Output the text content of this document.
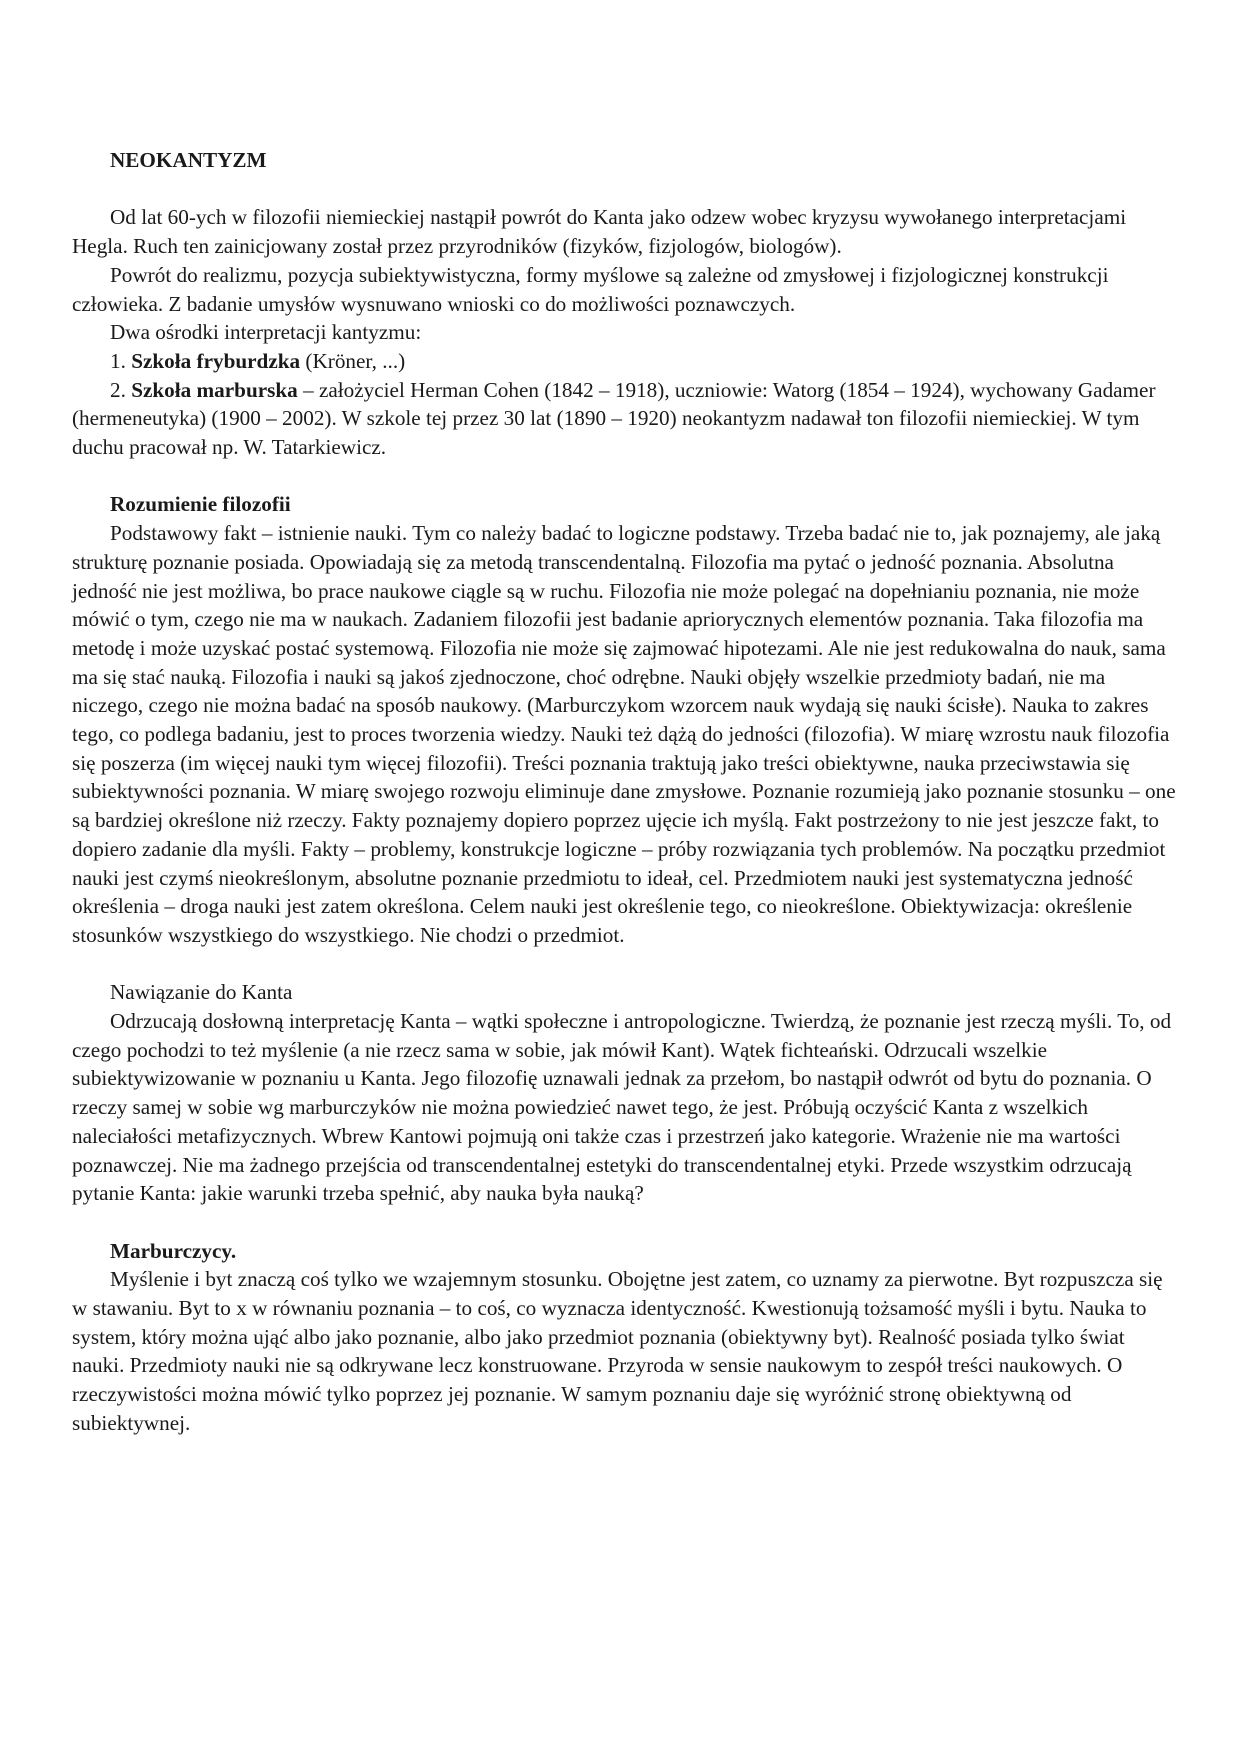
NEOKANTYZM

Od lat 60-ych w filozofii niemieckiej nastąpił powrót do Kanta jako odzew wobec kryzysu wywołanego interpretacjami Hegla. Ruch ten zainicjowany został przez przyrodników (fizyków, fizjologów, biologów).

Powrót do realizmu, pozycja subiektywistyczna, formy myślowe są zależne od zmysłowej i fizjologicznej konstrukcji człowieka. Z badanie umysłów wysnuwano wnioski co do możliwości poznawczych.

Dwa ośrodki interpretacji kantyzmu:

1. Szkoła fryburdzka (Kröner, ...)

2. Szkoła marburska – założyciel Herman Cohen (1842 – 1918), uczniowie: Watorg (1854 – 1924), wychowany Gadamer (hermeneutyka) (1900 – 2002). W szkole tej przez 30 lat (1890 – 1920) neokantyzm nadawał ton filozofii niemieckiej. W tym duchu pracował np. W. Tatarkiewicz.

Rozumienie filozofii

Podstawowy fakt – istnienie nauki. Tym co należy badać to logiczne podstawy. Trzeba badać nie to, jak poznajemy, ale jaką strukturę poznanie posiada. Opowiadają się za metodą transcendentalną. Filozofia ma pytać o jedność poznania. Absolutna jedność nie jest możliwa, bo prace naukowe ciągle są w ruchu. Filozofia nie może polegać na dopełnianiu poznania, nie może mówić o tym, czego nie ma w naukach. Zadaniem filozofii jest badanie apriorycznych elementów poznania. Taka filozofia ma metodę i może uzyskać postać systemową. Filozofia nie może się zajmować hipotezami. Ale nie jest redukowalna do nauk, sama ma się stać nauką. Filozofia i nauki są jakoś zjednoczone, choć odrębne. Nauki objęły wszelkie przedmioty badań, nie ma niczego, czego nie można badać na sposób naukowy. (Marburczykom wzorcem nauk wydają się nauki ścisłe). Nauka to zakres tego, co podlega badaniu, jest to proces tworzenia wiedzy. Nauki też dążą do jedności (filozofia). W miarę wzrostu nauk filozofia się poszerza (im więcej nauki tym więcej filozofii). Treści poznania traktują jako treści obiektywne, nauka przeciwstawia się subiektywności poznania. W miarę swojego rozwoju eliminuje dane zmysłowe. Poznanie rozumieją jako poznanie stosunku – one są bardziej określone niż rzeczy. Fakty poznajemy dopiero poprzez ujęcie ich myślą. Fakt postrzeżony to nie jest jeszcze fakt, to dopiero zadanie dla myśli. Fakty – problemy, konstrukcje logiczne – próby rozwiązania tych problemów. Na początku przedmiot nauki jest czymś nieokreślonym, absolutne poznanie przedmiotu to ideał, cel. Przedmiotem nauki jest systematyczna jedność określenia – droga nauki jest zatem określona. Celem nauki jest określenie tego, co nieokreślone. Obiektywizacja: określenie stosunków wszystkiego do wszystkiego. Nie chodzi o przedmiot.

Nawiązanie do Kanta

Odrzucają dosłowną interpretację Kanta – wątki społeczne i antropologiczne. Twierdzą, że poznanie jest rzeczą myśli. To, od czego pochodzi to też myślenie (a nie rzecz sama w sobie, jak mówił Kant). Wątek fichteański. Odrzucali wszelkie subiektywizowanie w poznaniu u Kanta. Jego filozofię uznawali jednak za przełom, bo nastąpił odwrót od bytu do poznania. O rzeczy samej w sobie wg marburczyków nie można powiedzieć nawet tego, że jest. Próbują oczyścić Kanta z wszelkich naleciałości metafizycznych. Wbrew Kantowi pojmują oni także czas i przestrzeń jako kategorie. Wrażenie nie ma wartości poznawczej. Nie ma żadnego przejścia od transcendentalnej estetyki do transcendentalnej etyki. Przede wszystkim odrzucają pytanie Kanta: jakie warunki trzeba spełnić, aby nauka była nauką?

Marburczycy.

Myślenie i byt znaczą coś tylko we wzajemnym stosunku. Obojętne jest zatem, co uznamy za pierwotne. Byt rozpuszcza się w stawaniu. Byt to x w równaniu poznania – to coś, co wyznacza identyczność. Kwestionują tożsamość myśli i bytu. Nauka to system, który można ująć albo jako poznanie, albo jako przedmiot poznania (obiektywny byt). Realność posiada tylko świat nauki. Przedmioty nauki nie są odkrywane lecz konstruowane. Przyroda w sensie naukowym to zespół treści naukowych. O rzeczywistości można mówić tylko poprzez jej poznanie. W samym poznaniu daje się wyróżnić stronę obiektywną od subiektywnej.
